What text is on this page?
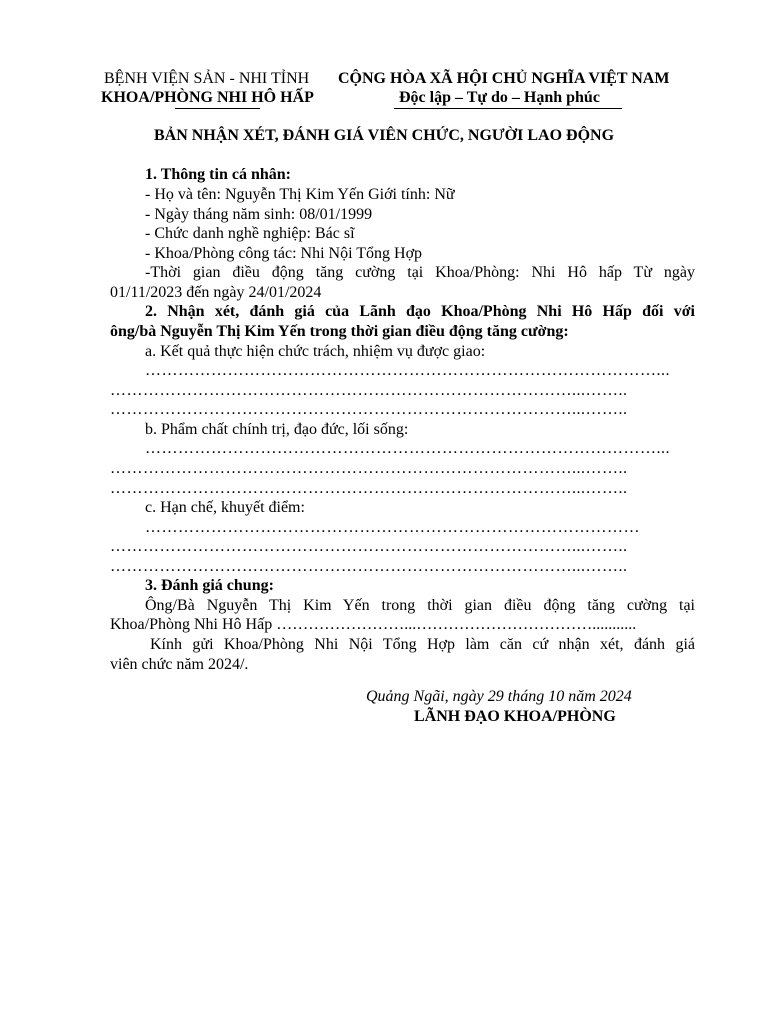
BỆNH VIỆN SẢN - NHI TỈNH
KHOA/PHÒNG NHI HÔ HẤP
CỘNG HÒA XÃ HỘI CHỦ NGHĨA VIỆT NAM
Độc lập – Tự do – Hạnh phúc
BẢN NHẬN XÉT, ĐÁNH GIÁ VIÊN CHỨC, NGƯỜI LAO ĐỘNG
1. Thông tin cá nhân:
- Họ và tên: Nguyễn Thị Kim Yến Giới tính: Nữ
- Ngày tháng năm sinh: 08/01/1999
- Chức danh nghề nghiệp: Bác sĩ
- Khoa/Phòng công tác: Nhi Nội Tổng Hợp
-Thời gian điều động tăng cường tại Khoa/Phòng: Nhi Hô hấp Từ ngày
01/11/2023 đến ngày 24/01/2024
2. Nhận xét, đánh giá của Lãnh đạo Khoa/Phòng Nhi Hô Hấp đối với
ông/bà Nguyễn Thị Kim Yến trong thời gian điều động tăng cường:
a. Kết quả thực hiện chức trách, nhiệm vụ được giao:
…………………………………………………………………………………...
…………………………………………………………………………...……..
…………………………………………………………………………...……..
b. Phẩm chất chính trị, đạo đức, lối sống:
…………………………………………………………………………………...
…………………………………………………………………………...……..
…………………………………………………………………………...……..
c. Hạn chế, khuyết điểm:
………………………………………………………………………………
…………………………………………………………………………...……..
…………………………………………………………………………...……..
3. Đánh giá chung:
Ông/Bà Nguyễn Thị Kim Yến trong thời gian điều động tăng cường tại
Khoa/Phòng Nhi Hô Hấp ……………………...……………………………...........
Kính gửi Khoa/Phòng Nhi Nội Tổng Hợp làm căn cứ nhận xét, đánh giá
viên chức năm 2024/.
Quảng Ngãi, ngày 29 tháng 10 năm 2024
LÃNH ĐẠO KHOA/PHÒNG
